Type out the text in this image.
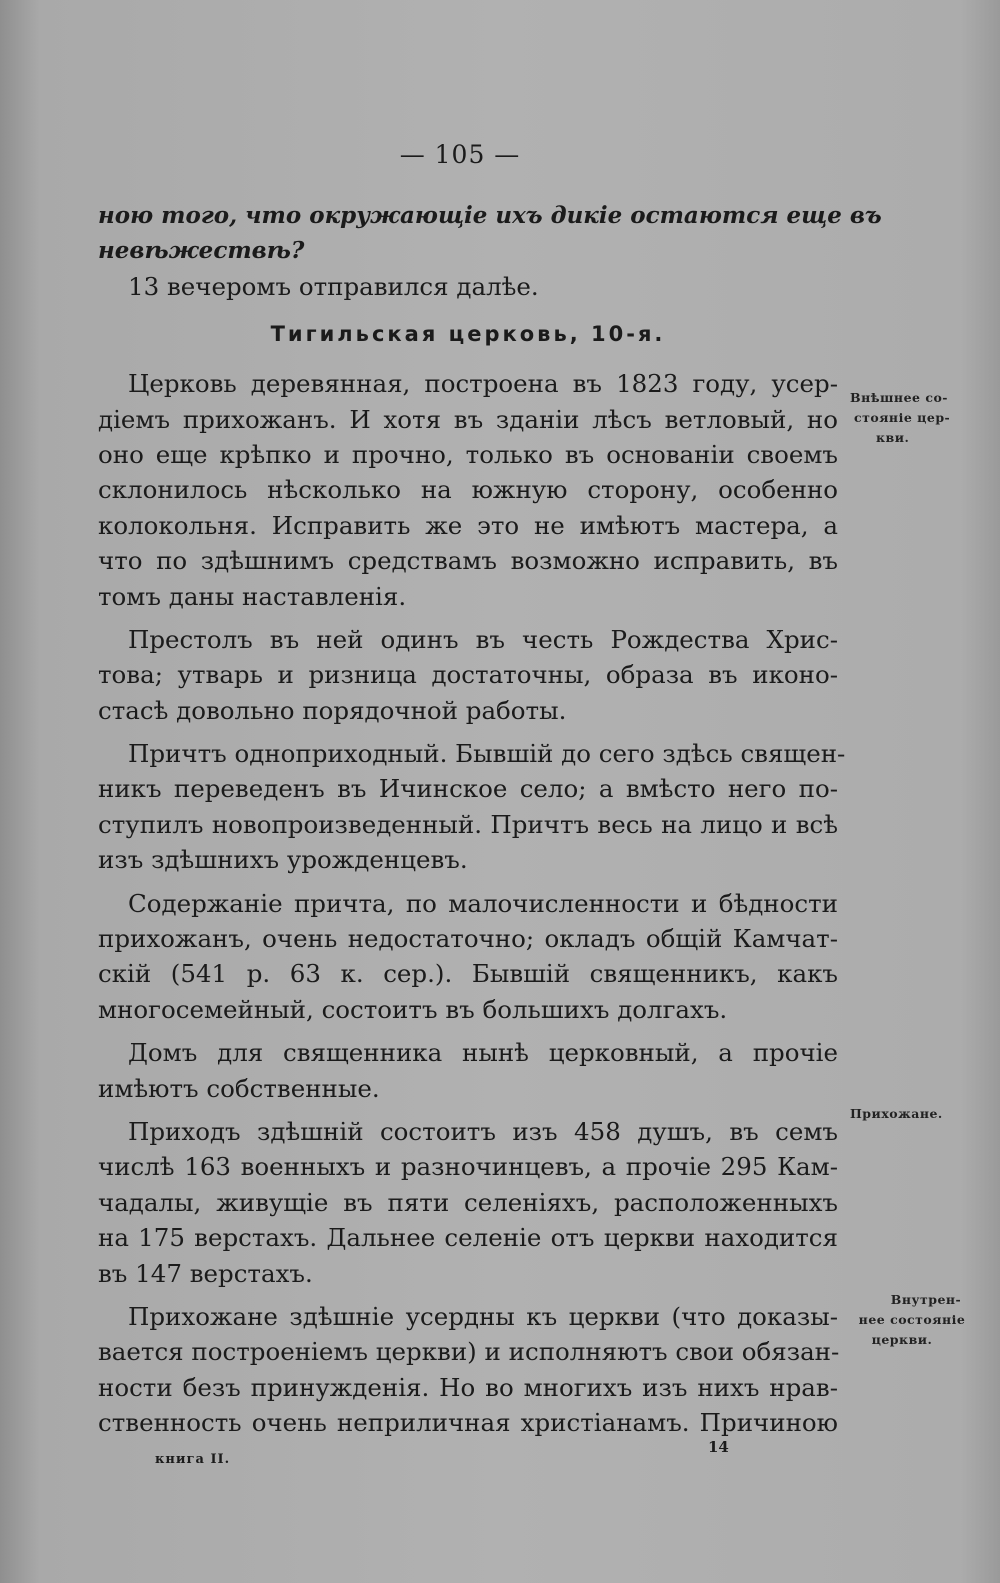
— 105 —
ною того, что окружающіе ихъ дикіе остаются еще въ
невѣжествѣ?
13 вечеромъ отправился далѣе.
Тигильская церковь, 10-я.
Церковь деревянная, построена въ 1823 году, усер-
діемъ прихожанъ. И хотя въ зданіи лѣсъ ветловый, но
оно еще крѣпко и прочно, только въ основаніи своемъ
склонилось нѣсколько на южную сторону, особенно
колокольня. Исправить же это не имѣютъ мастера, а
что по здѣшнимъ средствамъ возможно исправить, въ
томъ даны наставленія.
Престолъ въ ней одинъ въ честь Рождества Хрис-
това; утварь и ризница достаточны, образа въ иконо-
стасѣ довольно порядочной работы.
Причтъ одноприходный. Бывшій до сего здѣсь священ-
никъ переведенъ въ Ичинское село; а вмѣсто него по-
ступилъ новопроизведенный. Причтъ весь на лицо и всѣ
изъ здѣшнихъ урожденцевъ.
Содержаніе причта, по малочисленности и бѣдности
прихожанъ, очень недостаточно; окладъ общій Камчат-
скій (541 р. 63 к. сер.). Бывшій священникъ, какъ
многосемейный, состоитъ въ большихъ долгахъ.
Домъ для священника нынѣ церковный, а прочіе
имѣютъ собственные.
Приходъ здѣшній состоитъ изъ 458 душъ, въ семъ
числѣ 163 военныхъ и разночинцевъ, а прочіе 295 Кам-
чадалы, живущіе въ пяти селеніяхъ, расположенныхъ
на 175 верстахъ. Дальнее селеніе отъ церкви находится
въ 147 верстахъ.
Прихожане здѣшніе усердны къ церкви (что доказы-
вается построеніемъ церкви) и исполняютъ свои обязан-
ности безъ принужденія. Но во многихъ изъ нихъ нрав-
ственность очень неприличная христіанамъ. Причиною
Внѣшнее со-
стояніе цер-
кви.
Прихожане.
Внутрен-
нее состояніе
церкви.
книга II.
14
